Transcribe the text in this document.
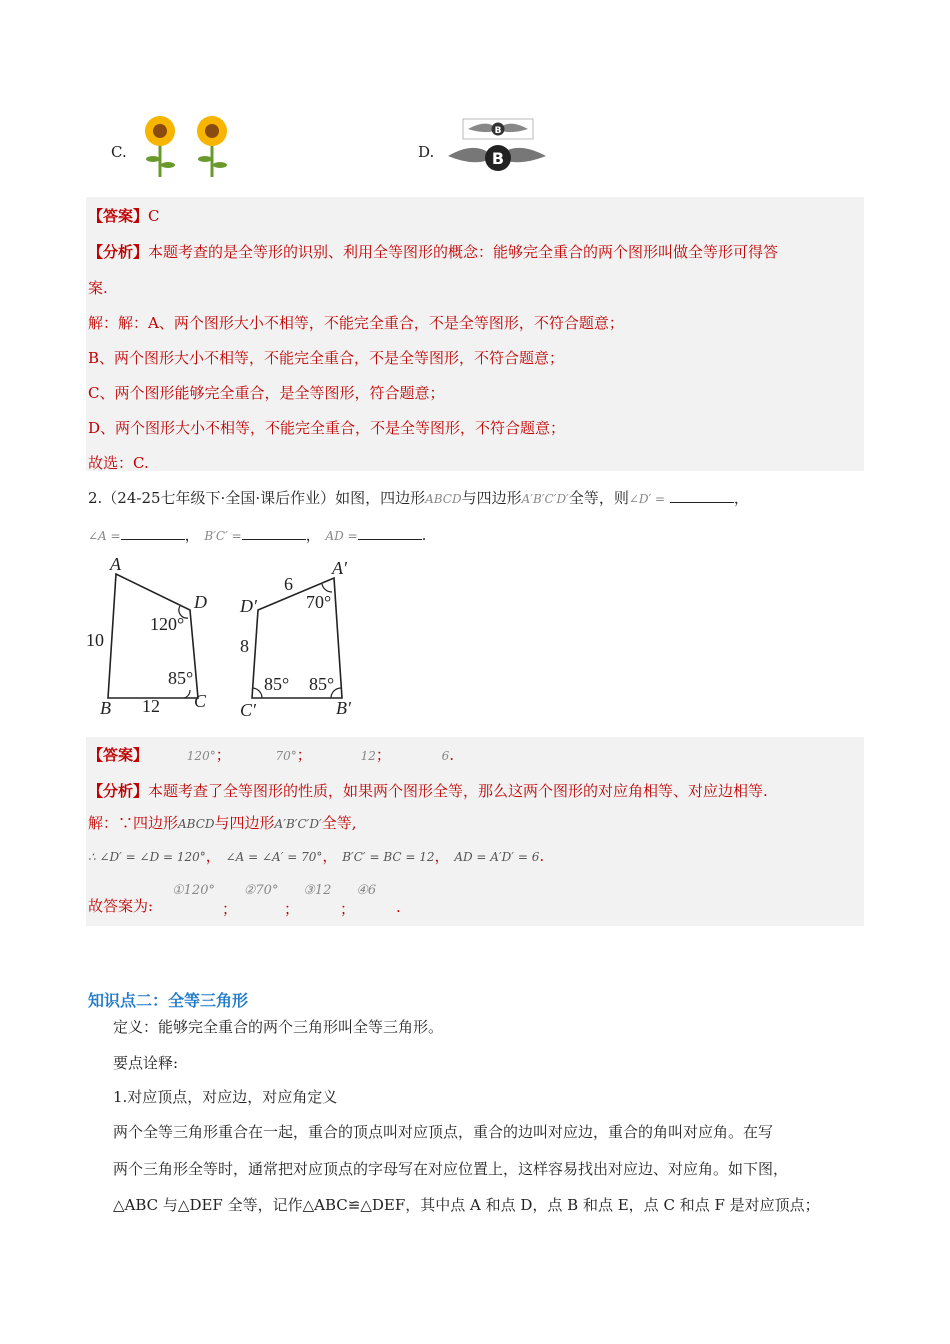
C.	D.
B
B
【答案】C
【分析】本题考查的是全等形的识别、利用全等图形的概念：能够完全重合的两个图形叫做全等形可得答
案.
解：解：A、两个图形大小不相等，不能完全重合，不是全等图形，不符合题意；
B、两个图形大小不相等，不能完全重合，不是全等图形，不符合题意；
C、两个图形能够完全重合，是全等图形，符合题意；
D、两个图形大小不相等，不能完全重合，不是全等图形，不符合题意；
故选：C.
2.（24-25七年级下·全国·课后作业）如图，四边形ABCD与四边形A′B′C′D′全等，则∠D′ =	，
∠A =	， B′C′ =	， AD =	.
A
B	C
D
120°
85°
10
12
A′
B′
C′
D′	70°
85° 85°
6
8
【答案】	120°；	70°；	12；	6.
【分析】本题考查了全等图形的性质，如果两个图形全等，那么这两个图形的对应角相等、对应边相等.
解：∵四边形ABCD与四边形A′B′C′D′全等,
∴ ∠D′ = ∠D = 120°， ∠A = ∠A′ = 70°， B′C′ = BC = 12， AD = A′D′ = 6.
故答案为:
①120° ②70° ③12 ④6
；	；	；	.
知识点二：全等三角形
定义：能够完全重合的两个三角形叫全等三角形。
要点诠释:
1.对应顶点，对应边，对应角定义
两个全等三角形重合在一起，重合的顶点叫对应顶点，重合的边叫对应边，重合的角叫对应角。在写
两个三角形全等时，通常把对应顶点的字母写在对应位置上，这样容易找出对应边、对应角。如下图，
△ABC 与△DEF 全等，记作△ABC≌△DEF，其中点 A 和点 D，点 B 和点 E，点 C 和点 F 是对应顶点；
